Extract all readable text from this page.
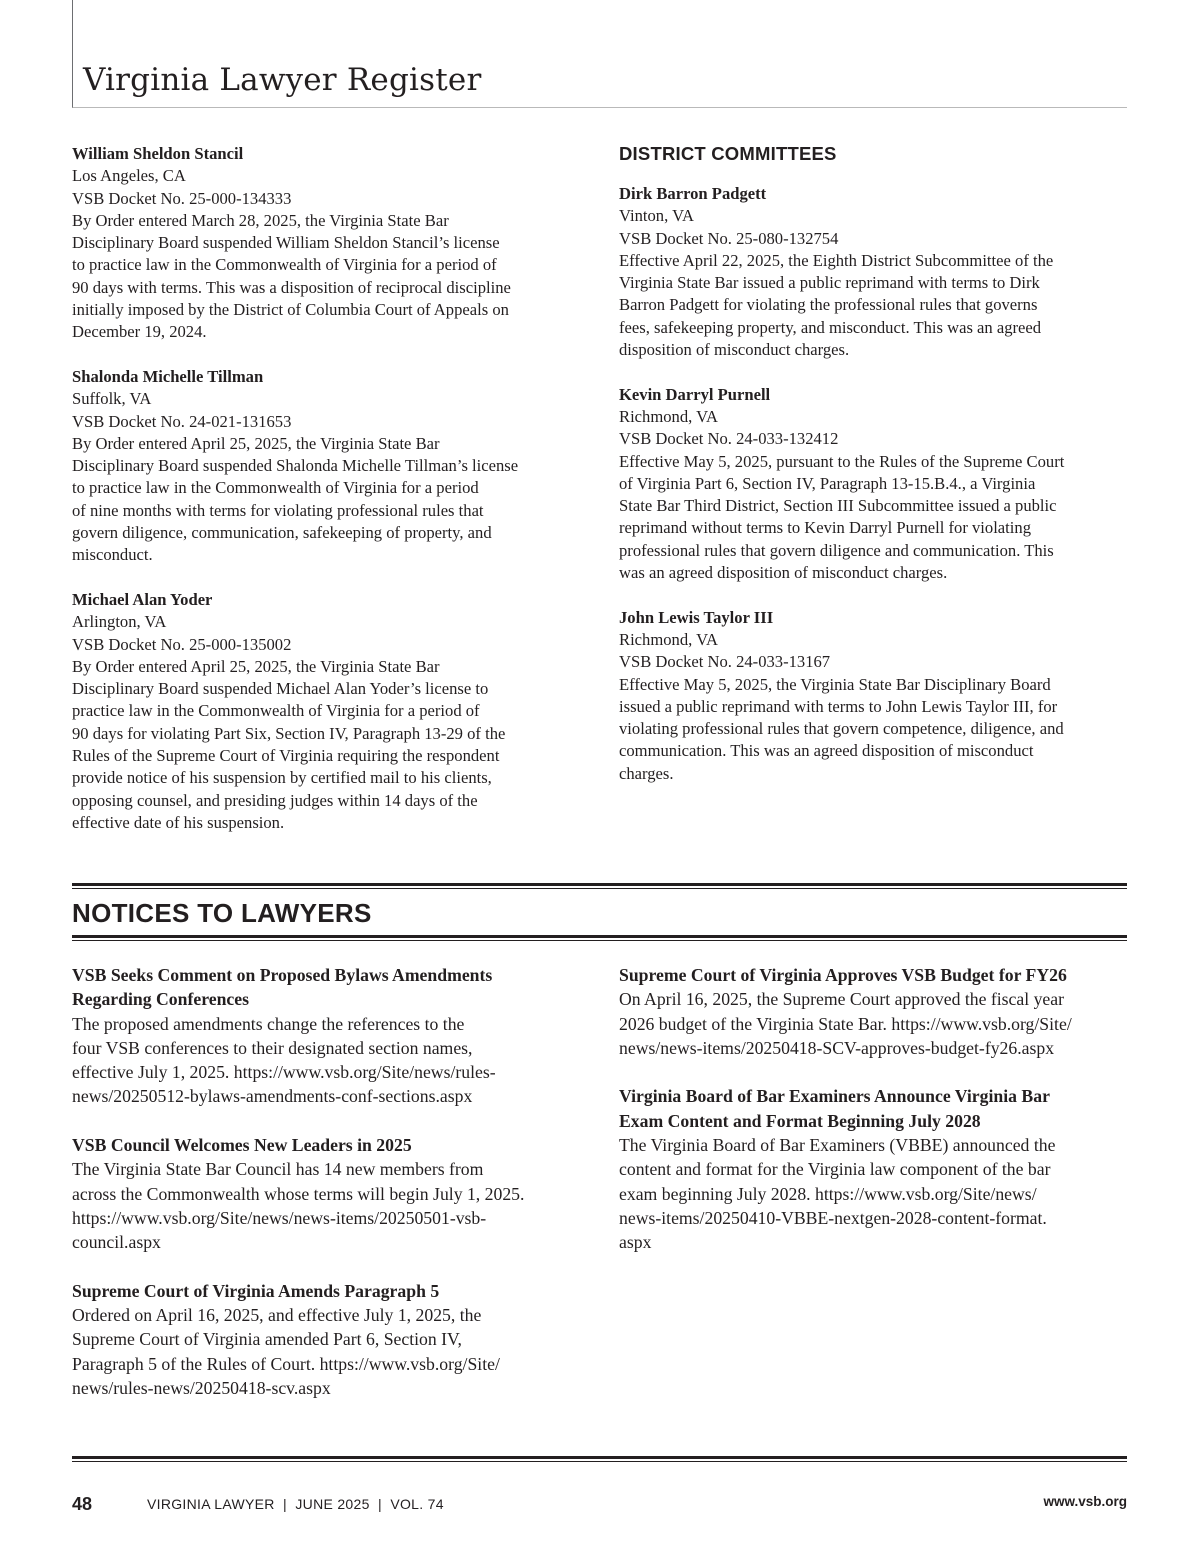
Virginia Lawyer Register

William Sheldon Stancil

Los Angeles, CA

VSB Docket No. 25-000-134333

By Order entered March 28, 2025, the Virginia State Bar

Disciplinary Board suspended William Sheldon Stancil’s license

to practice law in the Commonwealth of Virginia for a period of

90 days with terms. This was a disposition of reciprocal discipline

initially imposed by the District of Columbia Court of Appeals on

December 19, 2024.

Shalonda Michelle Tillman

Suffolk, VA

VSB Docket No. 24-021-131653

By Order entered April 25, 2025, the Virginia State Bar

Disciplinary Board suspended Shalonda Michelle Tillman’s license

to practice law in the Commonwealth of Virginia for a period

of nine months with terms for violating professional rules that

govern diligence, communication, safekeeping of property, and

misconduct.

Michael Alan Yoder

Arlington, VA

VSB Docket No. 25-000-135002

By Order entered April 25, 2025, the Virginia State Bar

Disciplinary Board suspended Michael Alan Yoder’s license to

practice law in the Commonwealth of Virginia for a period of

90 days for violating Part Six, Section IV, Paragraph 13-29 of the

Rules of the Supreme Court of Virginia requiring the respondent

provide notice of his suspension by certified mail to his clients,

opposing counsel, and presiding judges within 14 days of the

effective date of his suspension.

DISTRICT COMMITTEES

Dirk Barron Padgett

Vinton, VA

VSB Docket No. 25-080-132754

Effective April 22, 2025, the Eighth District Subcommittee of the

Virginia State Bar issued a public reprimand with terms to Dirk

Barron Padgett for violating the professional rules that governs

fees, safekeeping property, and misconduct. This was an agreed

disposition of misconduct charges.

Kevin Darryl Purnell

Richmond, VA

VSB Docket No. 24-033-132412

Effective May 5, 2025, pursuant to the Rules of the Supreme Court

of Virginia Part 6, Section IV, Paragraph 13-15.B.4., a Virginia

State Bar Third District, Section III Subcommittee issued a public

reprimand without terms to Kevin Darryl Purnell for violating

professional rules that govern diligence and communication. This

was an agreed disposition of misconduct charges.

John Lewis Taylor III

Richmond, VA

VSB Docket No. 24-033-13167

Effective May 5, 2025, the Virginia State Bar Disciplinary Board

issued a public reprimand with terms to John Lewis Taylor III, for

violating professional rules that govern competence, diligence, and

communication. This was an agreed disposition of misconduct

charges.

NOTICES TO LAWYERS

VSB Seeks Comment on Proposed Bylaws Amendments

Regarding Conferences

The proposed amendments change the references to the

four VSB conferences to their designated section names,

effective July 1, 2025. https://www.vsb.org/Site/news/rules-

news/20250512-bylaws-amendments-conf-sections.aspx

VSB Council Welcomes New Leaders in 2025

The Virginia State Bar Council has 14 new members from

across the Commonwealth whose terms will begin July 1, 2025.

https://www.vsb.org/Site/news/news-items/20250501-vsb-

council.aspx

Supreme Court of Virginia Amends Paragraph 5

Ordered on April 16, 2025, and effective July 1, 2025, the

Supreme Court of Virginia amended Part 6, Section IV,

Paragraph 5 of the Rules of Court. https://www.vsb.org/Site/

news/rules-news/20250418-scv.aspx

Supreme Court of Virginia Approves VSB Budget for FY26

On April 16, 2025, the Supreme Court approved the fiscal year

2026 budget of the Virginia State Bar. https://www.vsb.org/Site/

news/news-items/20250418-SCV-approves-budget-fy26.aspx

Virginia Board of Bar Examiners Announce Virginia Bar

Exam Content and Format Beginning July 2028

The Virginia Board of Bar Examiners (VBBE) announced the

content and format for the Virginia law component of the bar

exam beginning July 2028. https://www.vsb.org/Site/news/

news-items/20250410-VBBE-nextgen-2028-content-format.

aspx

48	VIRGINIA LAWYER  |  JUNE 2025  |  VOL. 74	www.vsb.org
